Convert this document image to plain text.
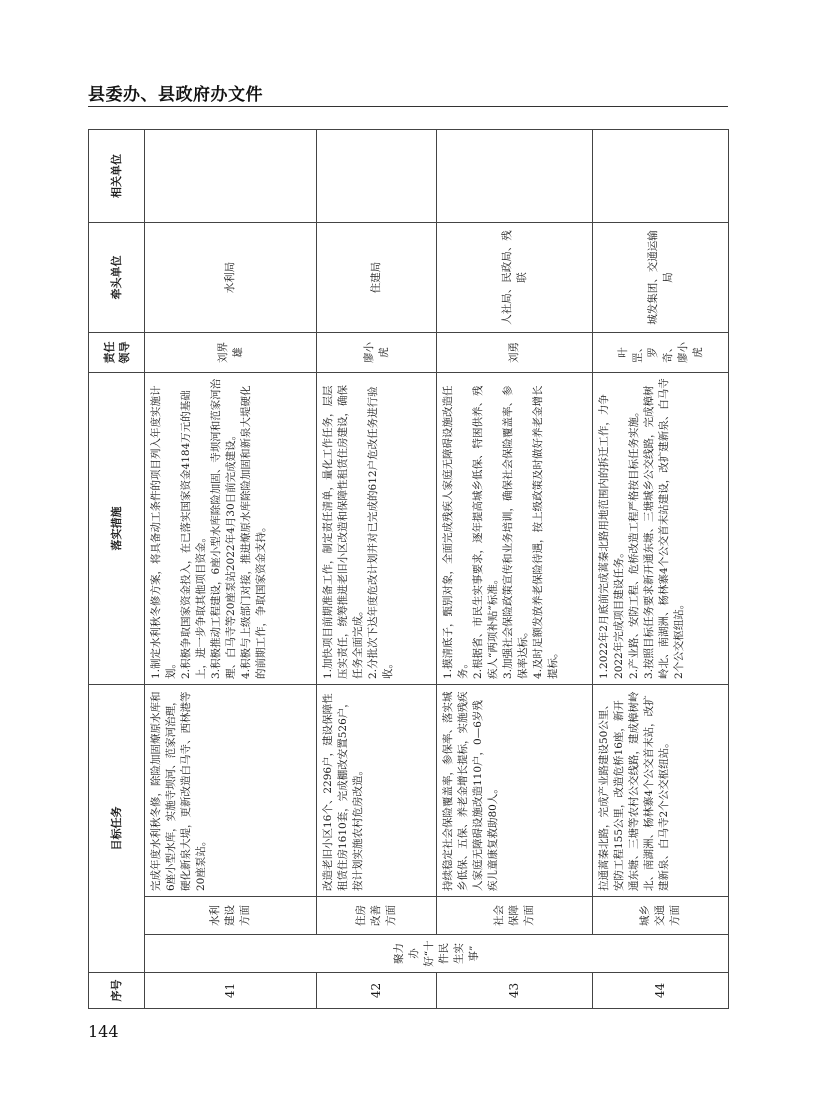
县委办、县政府办文件
序号	目标任务			落实措施	责任领导	牵头单位	相关单位
41	聚力办好“十件民生实事”	水利建设方面	完成年度水利秋冬修，除险加固燎原水库和6座小型水库，实施寺坝河、范家河治理，硬化新泉大堤，更新改造白马寺、西林港等20座泵站。	1.制定水利秋冬修方案，将具备动工条件的项目列入年度实施计划。 2.积极争取国家资金投入，在已落实国家资金4184万元的基础上，进一步争取其他项目资金。 3.积极推动工程建设，6座小型水库除险加固、寺坝河和范家河治理、白马寺等20座泵站2022年4月30日前完成建设。 4.积极与上级部门对接，推进燎原水库除险加固和新泉大堤硬化的前期工作，争取国家资金支持。	刘界雄	水利局	
42		住房改善方面	改造老旧小区16个、2296户，建设保障性租赁住房1610套，完成棚改安置526户，按计划实施农村危房改造。	1.加快项目前期准备工作，制定责任清单，量化工作任务，层层压实责任，统筹推进老旧小区改造和保障性租赁住房建设，确保任务全面完成。 2.分批次下达年度危改计划并对已完成的612户危改任务进行验收。	廖小虎	住建局	
43		社会保障方面	持续稳定社会保险覆盖率，参保率、落实城乡低保、五保、养老金增长提标，实施残疾人家庭无障碍设施改造110户，0—6岁残疾儿童康复救助80人。	1.摸清底子，甄别对象，全面完成残疾人家庭无障碍设施改造任务。 2.根据省、市民生实事要求，逐年提高城乡低保、特困供养、残疾人“两项补贴”标准。 3.加强社会保险政策宣传和业务培训，确保社会保险覆盖率、参保率达标。 4.及时足额发放养老保险待遇，按上级政策及时做好养老金增长提标。	刘勇	人社局、民政局、残联	
44		城乡交通方面	拉通蒿秦北路，完成产业路建设50公里、安防工程155公里，改造危桥16座，新开通东塘、三塘等农村公交线路，建成樟树岭北、南湖洲、杨林寨4个公交首末站，改扩建新泉、白马寺2个公交枢纽站。	1.2022年2月底前完成蒿秦北路用地范围内的拆迁工作，力争2022年完成项目建设任务。 2.产业路、安防工程、危桥改造工程严格按目标任务实施。 3.按照目标任务要求新开通东塘、三塘城乡公交线路，完成樟树岭北、南湖洲、杨林寨4个公交首末站建设，改扩建新泉、白马寺2个公交枢纽站。	叶罡、罗奇、廖小虎	城发集团、交通运输局	
144
